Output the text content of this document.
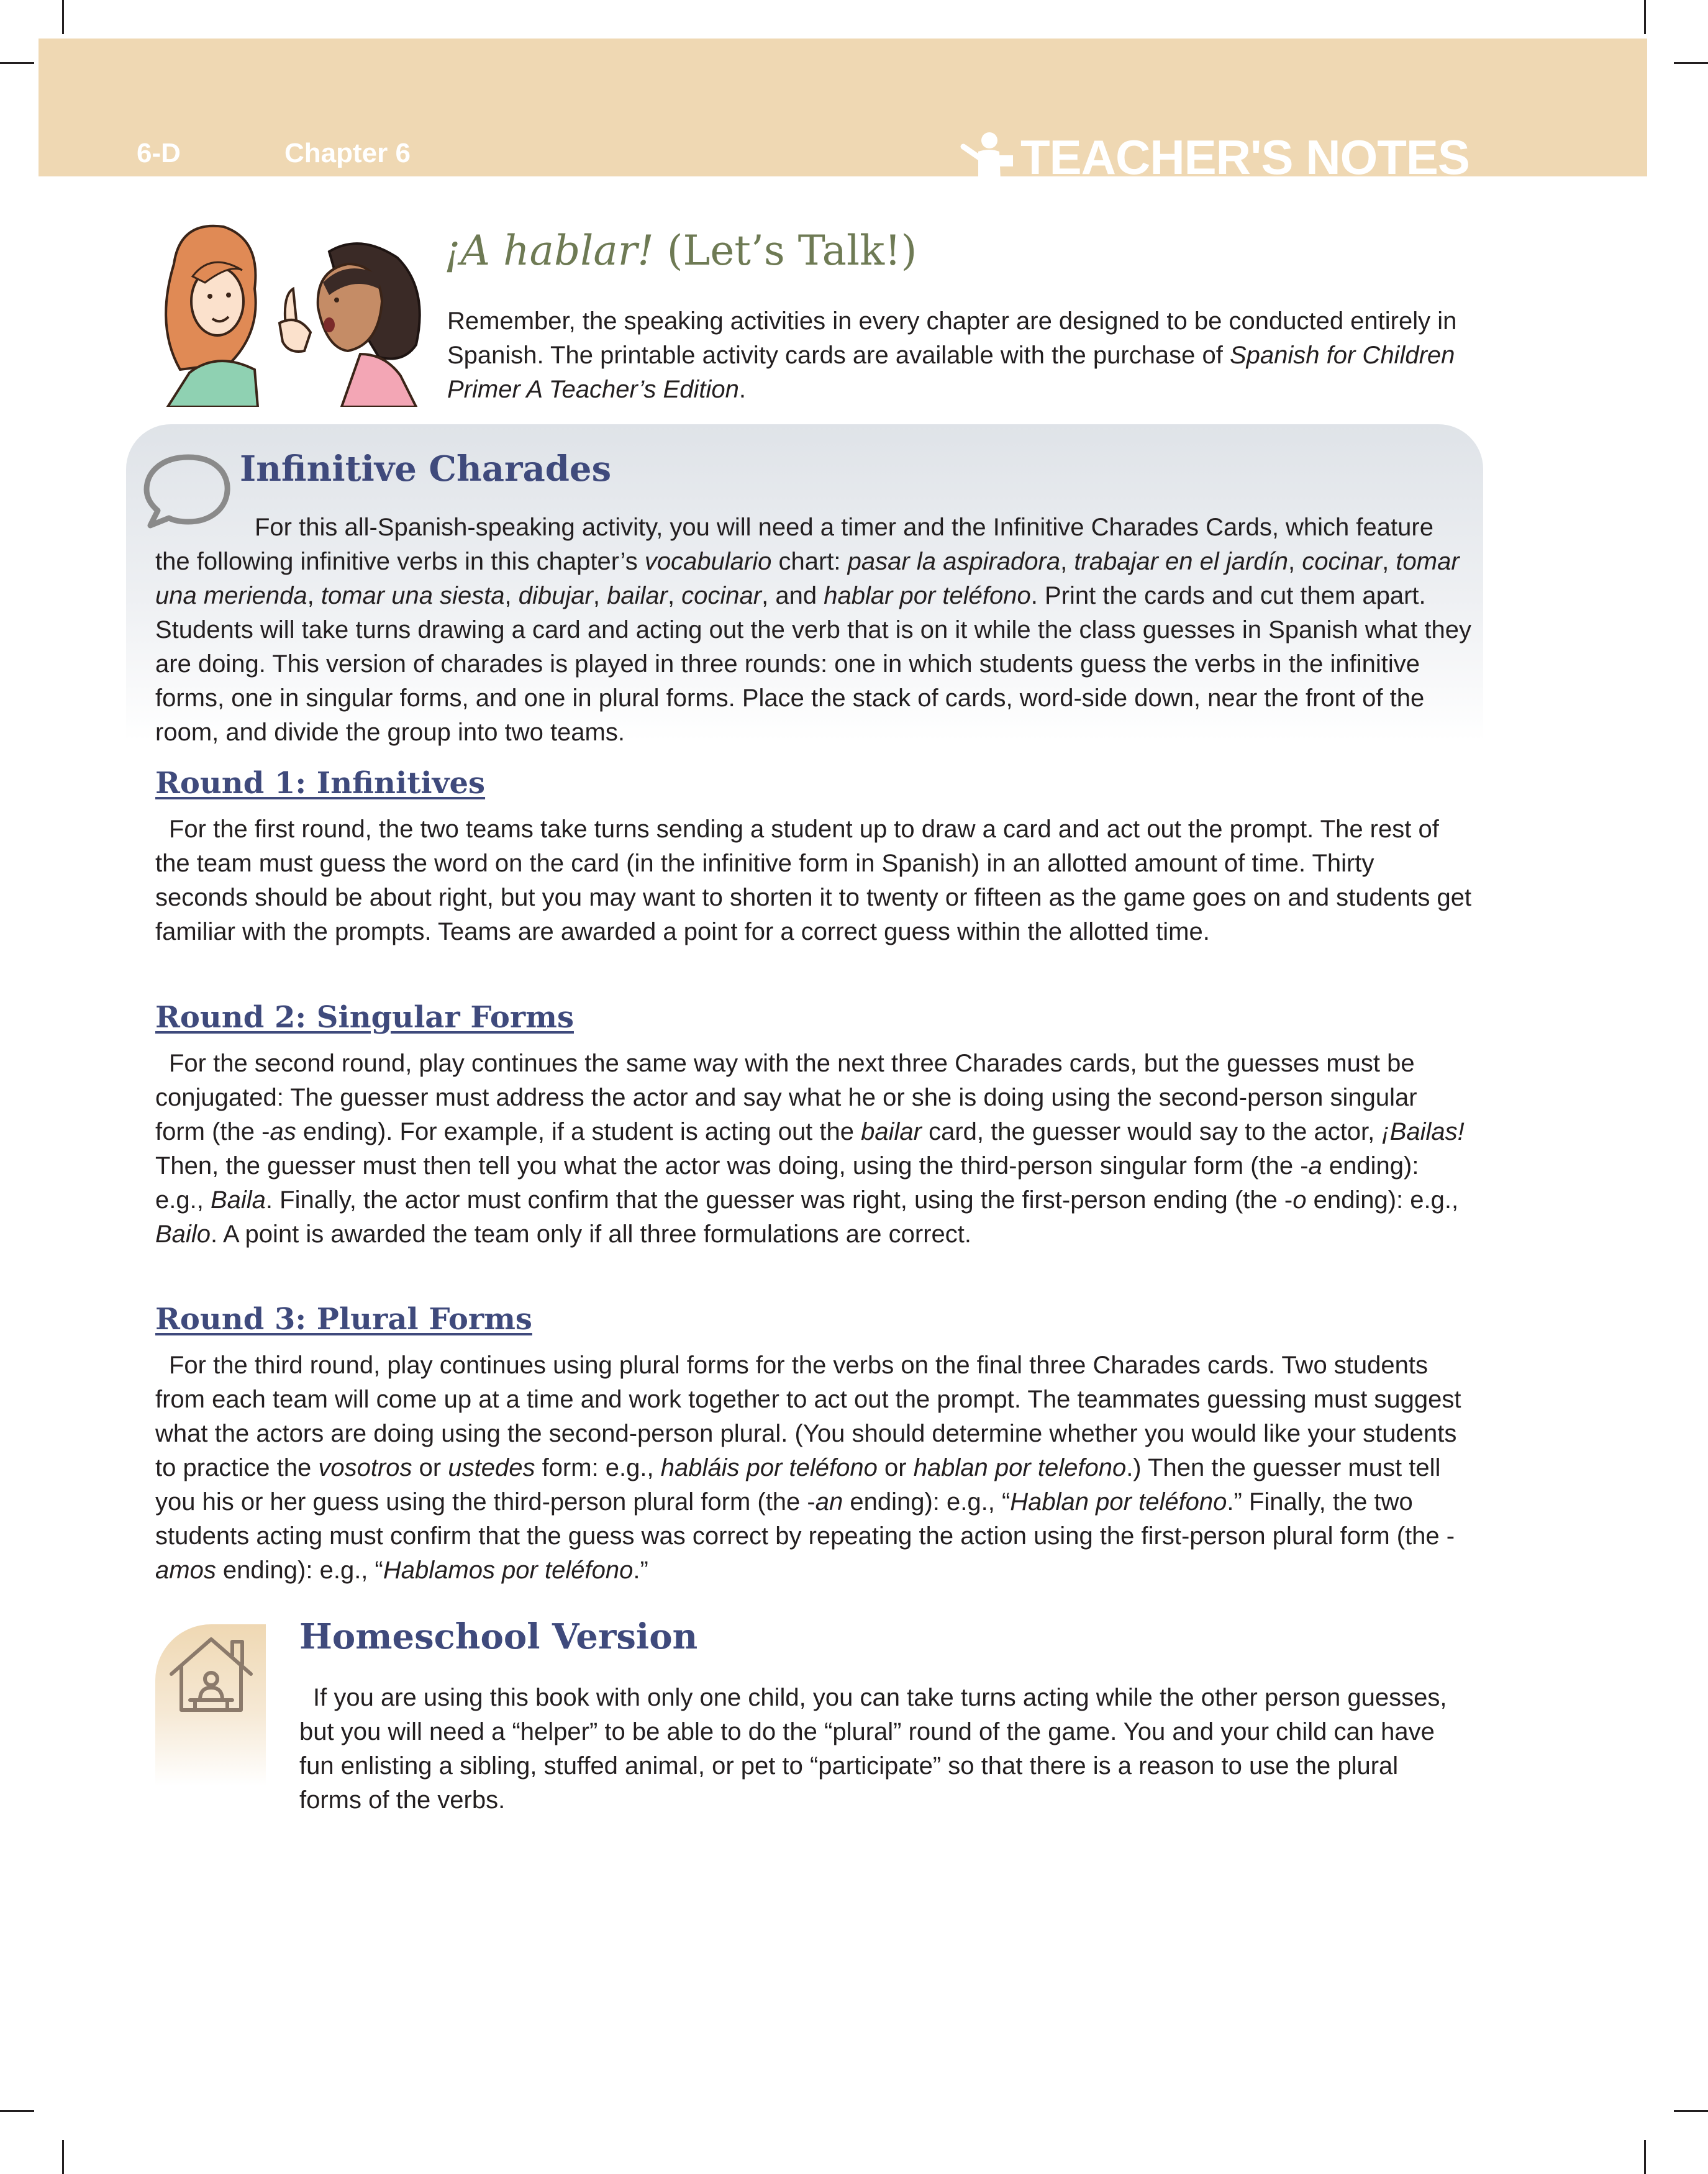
6-D	Chapter 6	TEACHER'S NOTES
¡A hablar! (Let’s Talk!)
Remember, the speaking activities in every chapter are designed to be conducted entirely in Spanish. The printable activity cards are available with the purchase of Spanish for Children Primer A Teacher’s Edition.
Infinitive Charades
For this all-Spanish-speaking activity, you will need a timer and the Infinitive Charades Cards, which feature the following infinitive verbs in this chapter’s vocabulario chart: pasar la aspiradora, trabajar en el jardín, cocinar, tomar una merienda, tomar una siesta, dibujar, bailar, cocinar, and hablar por teléfono. Print the cards and cut them apart. Students will take turns drawing a card and acting out the verb that is on it while the class guesses in Spanish what they are doing. This version of charades is played in three rounds: one in which students guess the verbs in the infinitive forms, one in singular forms, and one in plural forms. Place the stack of cards, word-side down, near the front of the room, and divide the group into two teams.
Round 1: Infinitives
For the first round, the two teams take turns sending a student up to draw a card and act out the prompt. The rest of the team must guess the word on the card (in the infinitive form in Spanish) in an allotted amount of time. Thirty seconds should be about right, but you may want to shorten it to twenty or fifteen as the game goes on and students get familiar with the prompts. Teams are awarded a point for a correct guess within the allotted time.
Round 2: Singular Forms
For the second round, play continues the same way with the next three Charades cards, but the guesses must be conjugated: The guesser must address the actor and say what he or she is doing using the second-person singular form (the -as ending). For example, if a student is acting out the bailar card, the guesser would say to the actor, ¡Bailas! Then, the guesser must then tell you what the actor was doing, using the third-person singular form (the -a ending): e.g., Baila. Finally, the actor must confirm that the guesser was right, using the first-person ending (the -o ending): e.g., Bailo. A point is awarded the team only if all three formulations are correct.
Round 3: Plural Forms
For the third round, play continues using plural forms for the verbs on the final three Charades cards. Two students from each team will come up at a time and work together to act out the prompt. The teammates guessing must suggest what the actors are doing using the second-person plural. (You should determine whether you would like your students to practice the vosotros or ustedes form: e.g., habláis por teléfono or hablan por telefono.) Then the guesser must tell you his or her guess using the third-person plural form (the -an ending): e.g., “Hablan por teléfono.” Finally, the two students acting must confirm that the guess was correct by repeating the action using the first-person plural form (the -amos ending): e.g., “Hablamos por teléfono.”
Homeschool Version
If you are using this book with only one child, you can take turns acting while the other person guesses, but you will need a “helper” to be able to do the “plural” round of the game. You and your child can have fun enlisting a sibling, stuffed animal, or pet to “participate” so that there is a reason to use the plural forms of the verbs.
